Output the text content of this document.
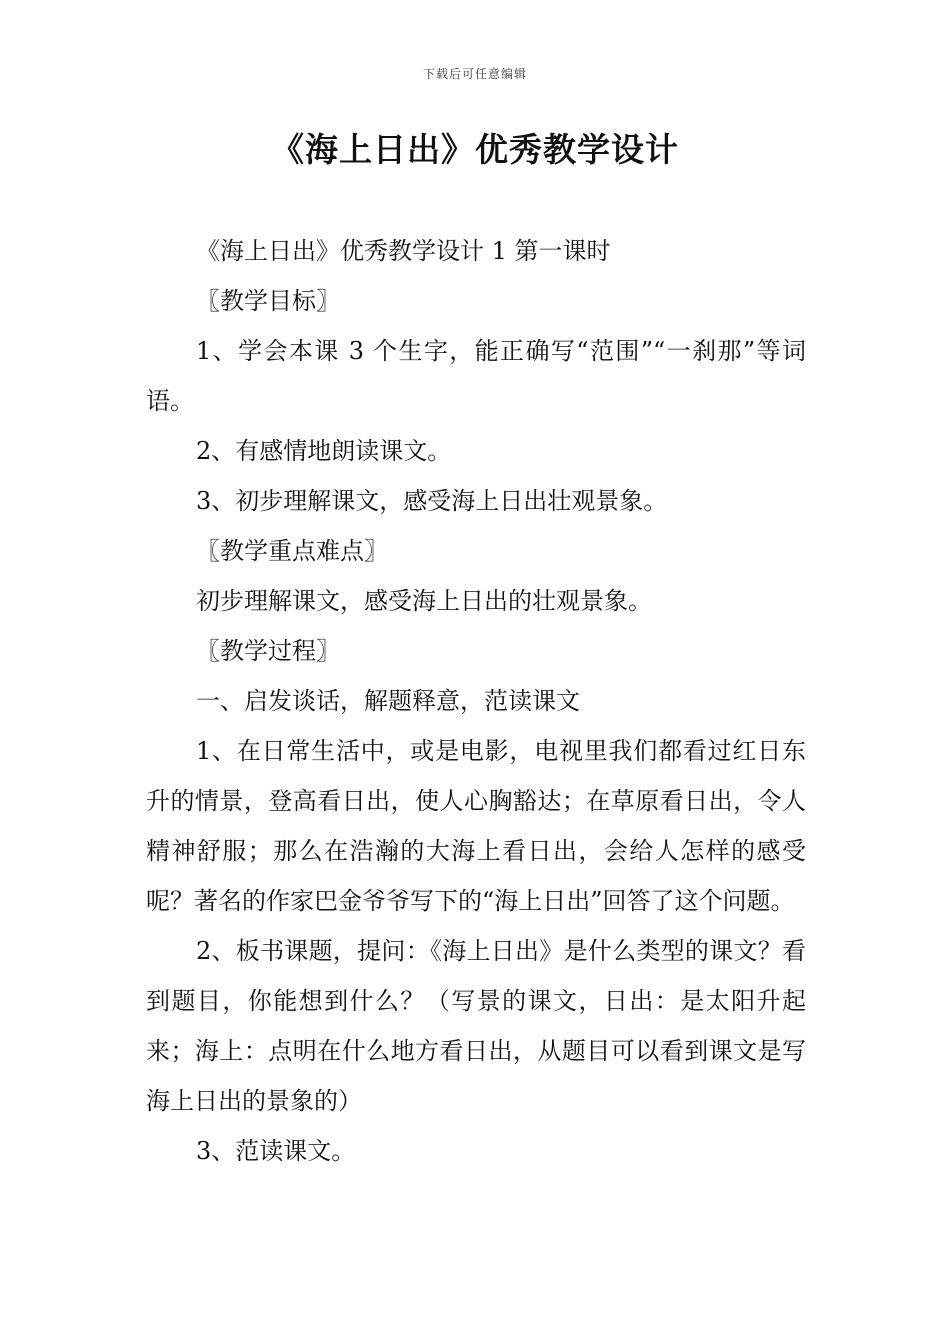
下载后可任意编辑
《海上日出》优秀教学设计

《海上日出》优秀教学设计 1 第一课时

〖教学目标〗

1、学会本课 3 个生字，能正确写“范围”“一刹那”等词语。

2、有感情地朗读课文。

3、初步理解课文，感受海上日出壮观景象。

〖教学重点难点〗

初步理解课文，感受海上日出的壮观景象。

〖教学过程〗

一、启发谈话，解题释意，范读课文

1、在日常生活中，或是电影，电视里我们都看过红日东升的情景，登高看日出，使人心胸豁达；在草原看日出，令人精神舒服；那么在浩瀚的大海上看日出，会给人怎样的感受呢？著名的作家巴金爷爷写下的“海上日出”回答了这个问题。

2、板书课题，提问：《海上日出》是什么类型的课文？看到题目，你能想到什么？（写景的课文，日出：是太阳升起来；海上：点明在什么地方看日出，从题目可以看到课文是写海上日出的景象的）

3、范读课文。
